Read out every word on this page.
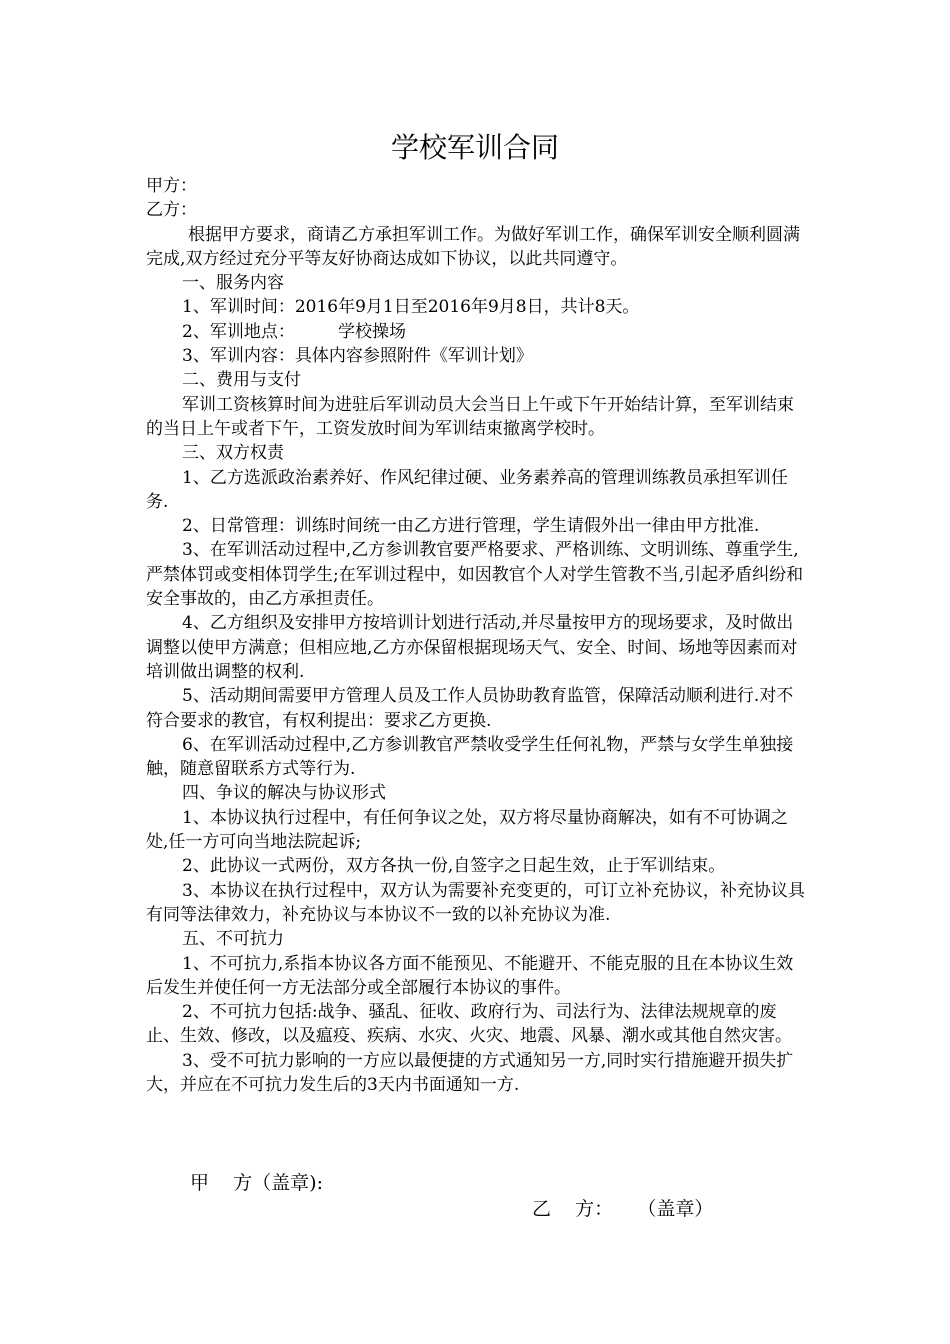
学校军训合同

甲方：

乙方：

根据甲方要求，商请乙方承担军训工作。为做好军训工作，确保军训安全顺利圆满完成,双方经过充分平等友好协商达成如下协议，以此共同遵守。

一、服务内容

1、军训时间：2016年9月1日至2016年9月8日，共计8天。

2、军训地点：        学校操场

3、军训内容：具体内容参照附件《军训计划》

二、费用与支付

军训工资核算时间为进驻后军训动员大会当日上午或下午开始结计算，至军训结束的当日上午或者下午，工资发放时间为军训结束撤离学校时。

三、双方权责

1、乙方选派政治素养好、作风纪律过硬、业务素养高的管理训练教员承担军训任务.

2、日常管理：训练时间统一由乙方进行管理，学生请假外出一律由甲方批准.

3、在军训活动过程中,乙方参训教官要严格要求、严格训练、文明训练、尊重学生,严禁体罚或变相体罚学生;在军训过程中，如因教官个人对学生管教不当,引起矛盾纠纷和安全事故的，由乙方承担责任。

4、乙方组织及安排甲方按培训计划进行活动,并尽量按甲方的现场要求，及时做出调整以使甲方满意；但相应地,乙方亦保留根据现场天气、安全、时间、场地等因素而对培训做出调整的权利.

5、活动期间需要甲方管理人员及工作人员协助教育监管，保障活动顺利进行.对不符合要求的教官，有权利提出：要求乙方更换.

6、在军训活动过程中,乙方参训教官严禁收受学生任何礼物，严禁与女学生单独接触，随意留联系方式等行为.

四、争议的解决与协议形式

1、本协议执行过程中，有任何争议之处，双方将尽量协商解决，如有不可协调之处,任一方可向当地法院起诉;

2、此协议一式两份，双方各执一份,自签字之日起生效，止于军训结束。

3、本协议在执行过程中，双方认为需要补充变更的，可订立补充协议，补充协议具有同等法律效力，补充协议与本协议不一致的以补充协议为准.

五、不可抗力

1、不可抗力,系指本协议各方面不能预见、不能避开、不能克服的且在本协议生效后发生并使任何一方无法部分或全部履行本协议的事件。

2、不可抗力包括:战争、骚乱、征收、政府行为、司法行为、法律法规规章的废止、生效、修改，以及瘟疫、疾病、水灾、火灾、地震、风暴、潮水或其他自然灾害。

3、受不可抗力影响的一方应以最便捷的方式通知另一方,同时实行措施避开损失扩大，并应在不可抗力发生后的3天内书面通知一方.

甲    方（盖章):
乙    方：    （盖章）
